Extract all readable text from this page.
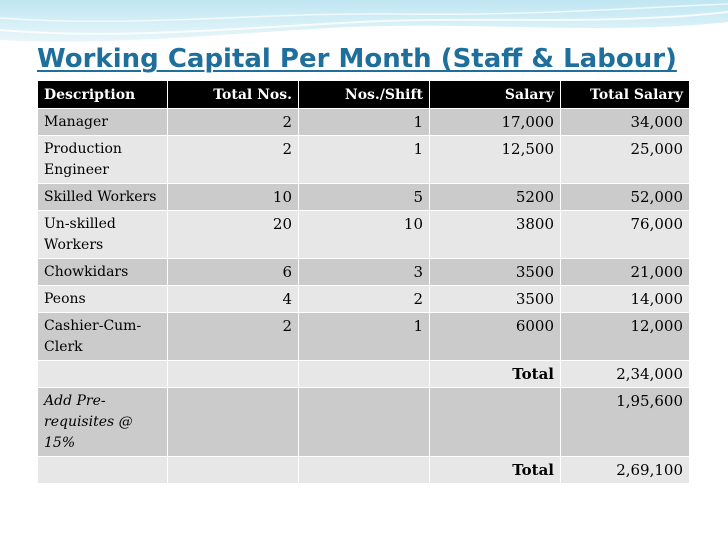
Working Capital Per Month (Staff & Labour)
Description	Total Nos.	Nos./Shift	Salary	Total Salary
Manager	2	1	17,000	34,000
Production Engineer	2	1	12,500	25,000
Skilled Workers	10	5	5200	52,000
Un-skilled Workers	20	10	3800	76,000
Chowkidars	6	3	3500	21,000
Peons	4	2	3500	14,000
Cashier-Cum-Clerk	2	1	6000	12,000
			Total	2,34,000
Add Pre-requisites @ 15%				1,95,600
			Total	2,69,100
